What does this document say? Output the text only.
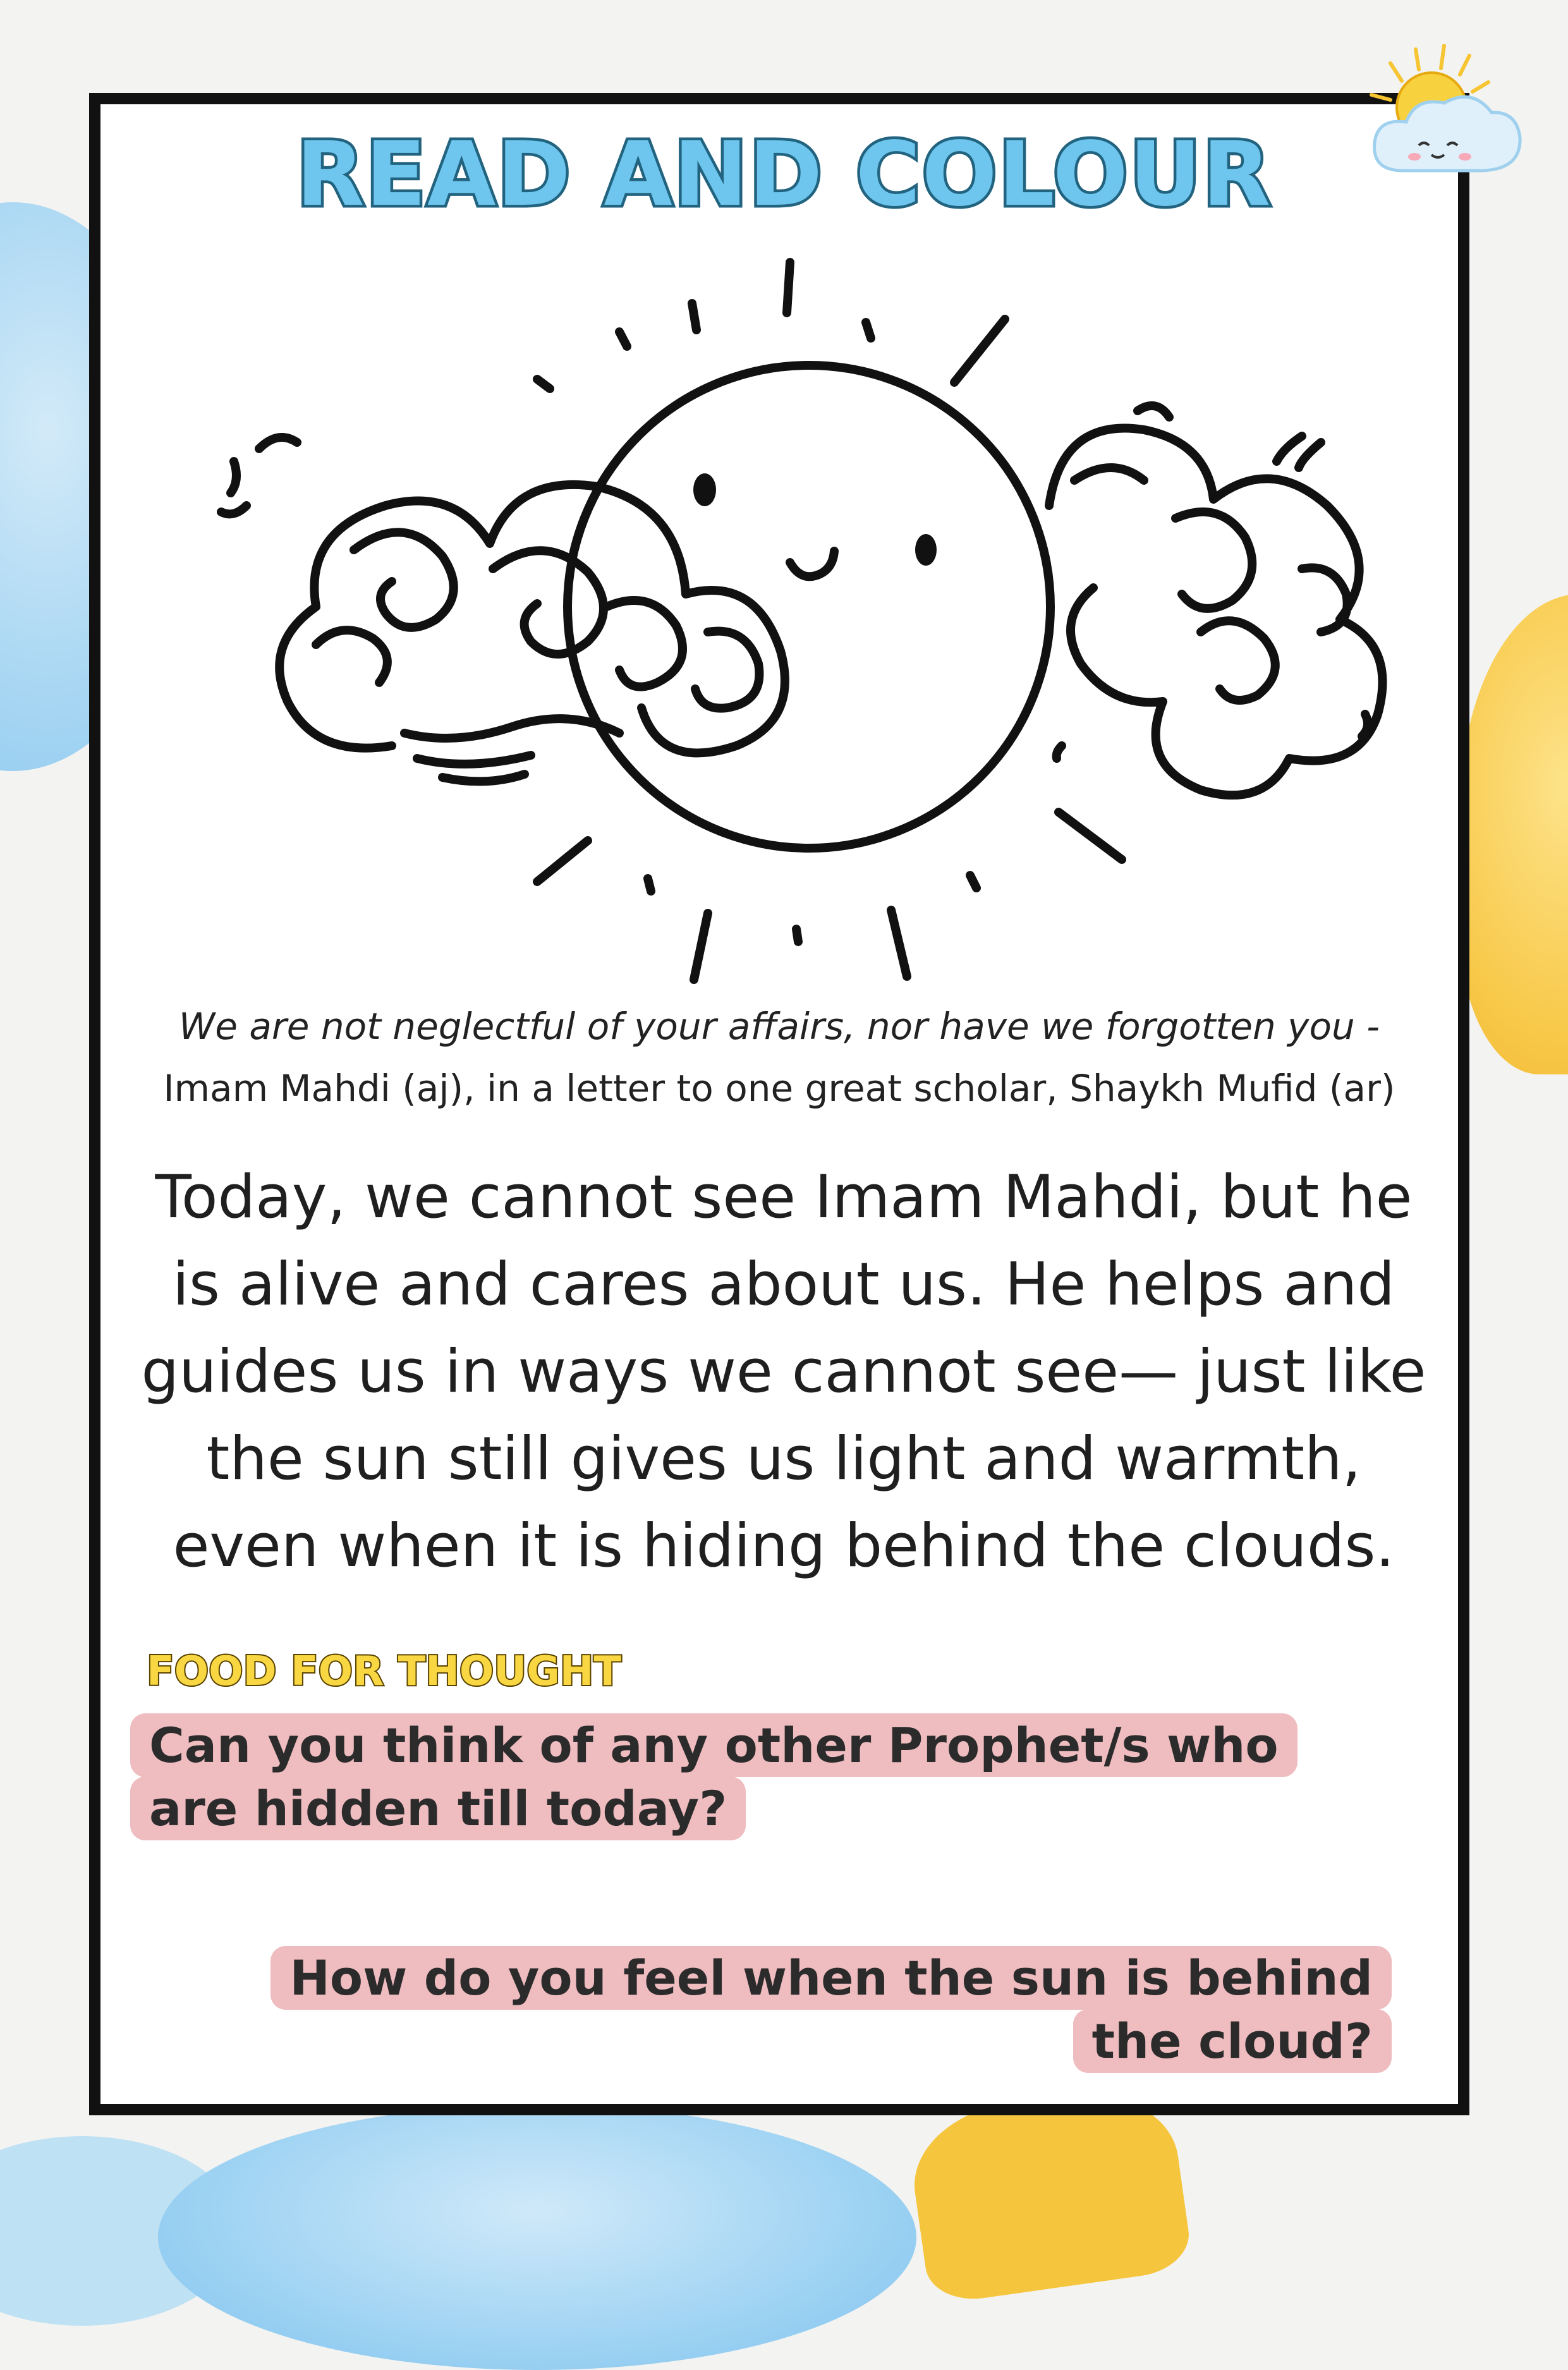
READ AND COLOUR
We are not neglectful of your affairs, nor have we forgotten you -
Imam Mahdi (aj), in a letter to one great scholar, Shaykh Mufid (ar)
Today, we cannot see Imam Mahdi, but he is alive and cares about us. He helps and guides us in ways we cannot see— just like the sun still gives us light and warmth, even when it is hiding behind the clouds.
FOOD FOR THOUGHT
Can you think of any other Prophet/s who are hidden till today?
How do you feel when the sun is behind the cloud?
